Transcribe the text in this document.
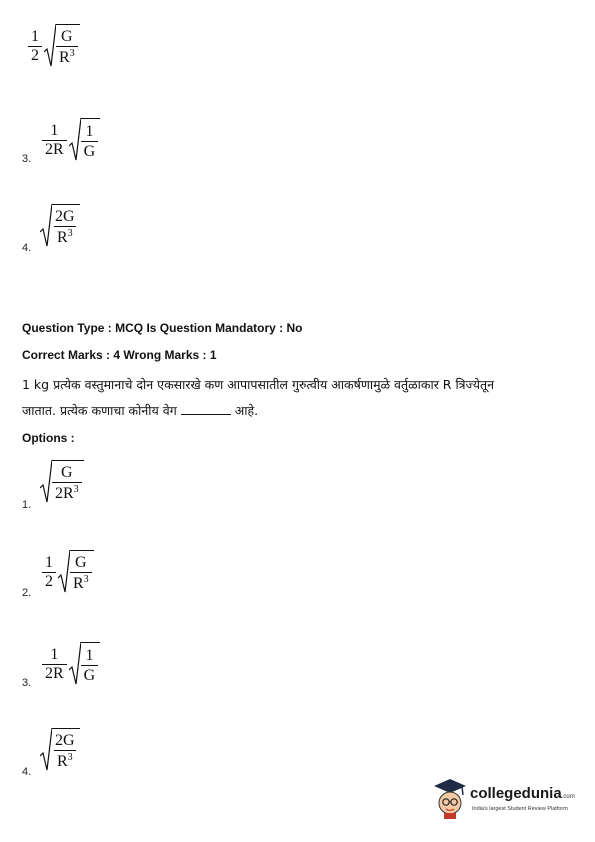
$\frac{1}{2} \frac{G}{R^3}$
3.
$\frac{1}{2R} \frac{1}{G}$
4.
$\frac{2G}{R^3}$
Question Type : MCQ Is Question Mandatory : No
Correct Marks : 4 Wrong Marks : 1
1 kg प्रत्येक वस्तुमानाचे दोन एकसारखे कण आपापसातील गुरुत्वीय आकर्षणामुळे वर्तुळाकार R त्रिज्येतून
जातात. प्रत्येक कणाचा कोनीय वेग	आहे.
Options :
1.
$\frac{G}{2R^3}$
2.
$\frac{1}{2} \frac{G}{R^3}$
3.
$\frac{1}{2R} \frac{1}{G}$
4.
$\frac{2G}{R^3}$
collegedunia.com
India's largest Student Review Platform
